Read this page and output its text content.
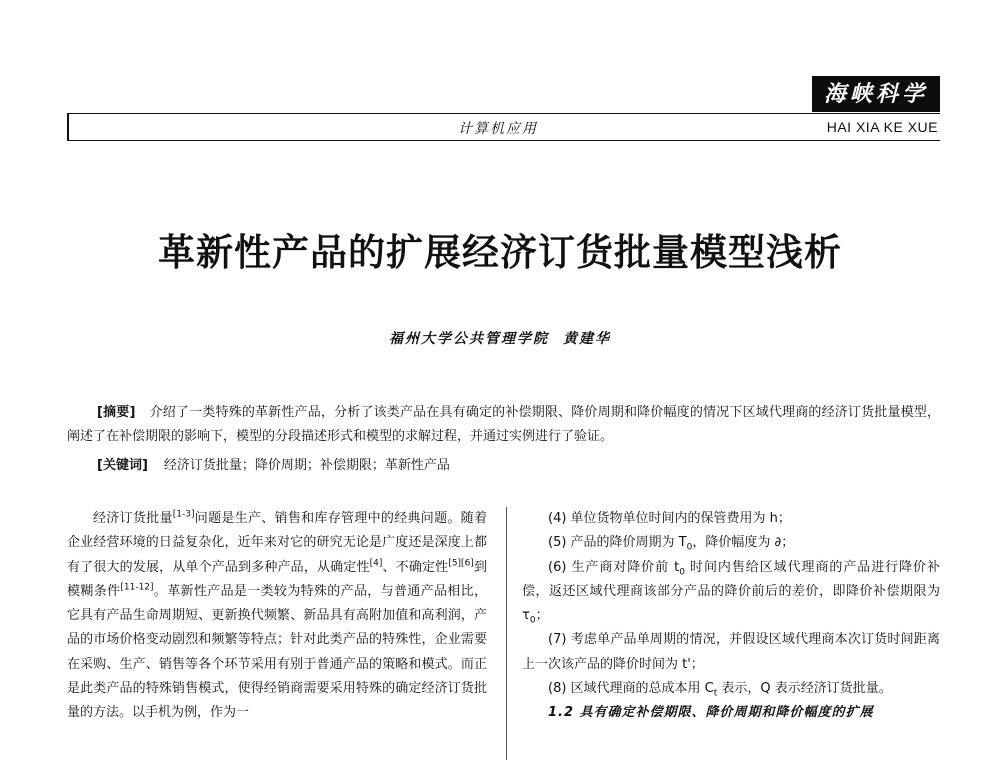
海峡科学
计算机应用	HAI XIA KE XUE
革新性产品的扩展经济订货批量模型浅析
福州大学公共管理学院 黄建华
[摘要] 介绍了一类特殊的革新性产品，分析了该类产品在具有确定的补偿期限、降价周期和降价幅度的情况下区域代理商的经济订货批量模型，阐述了在补偿期限的影响下，模型的分段描述形式和模型的求解过程，并通过实例进行了验证。
[关键词] 经济订货批量；降价周期；补偿期限；革新性产品

经济订货批量[1-3]问题是生产、销售和库存管理中的经典问题。随着企业经营环境的日益复杂化，近年来对它的研究无论是广度还是深度上都有了很大的发展，从单个产品到多种产品，从确定性[4]、不确定性[5][6]到模糊条件[11-12]。革新性产品是一类较为特殊的产品，与普通产品相比，它具有产品生命周期短、更新换代频繁、新品具有高附加值和高利润，产品的市场价格变动剧烈和频繁等特点；针对此类产品的特殊性，企业需要在采购、生产、销售等各个环节采用有别于普通产品的策略和模式。而正是此类产品的特殊销售模式，使得经销商需要采用特殊的确定经济订货批量的方法。以手机为例，作为一

(4) 单位货物单位时间内的保管费用为 h；

(5) 产品的降价周期为 $T_0$，降价幅度为 ∂；

(6) 生产商对降价前 $t_0$ 时间内售给区域代理商的产品进行降价补偿，返还区域代理商该部分产品的降价前后的差价，即降价补偿期限为 $\tau_0$；

(7) 考虑单产品单周期的情况，并假设区域代理商本次订货时间距离上一次该产品的降价时间为 t'；

(8) 区域代理商的总成本用 $C_t$ 表示，Q 表示经济订货批量。

1.2 具有确定补偿期限、降价周期和降价幅度的扩展
